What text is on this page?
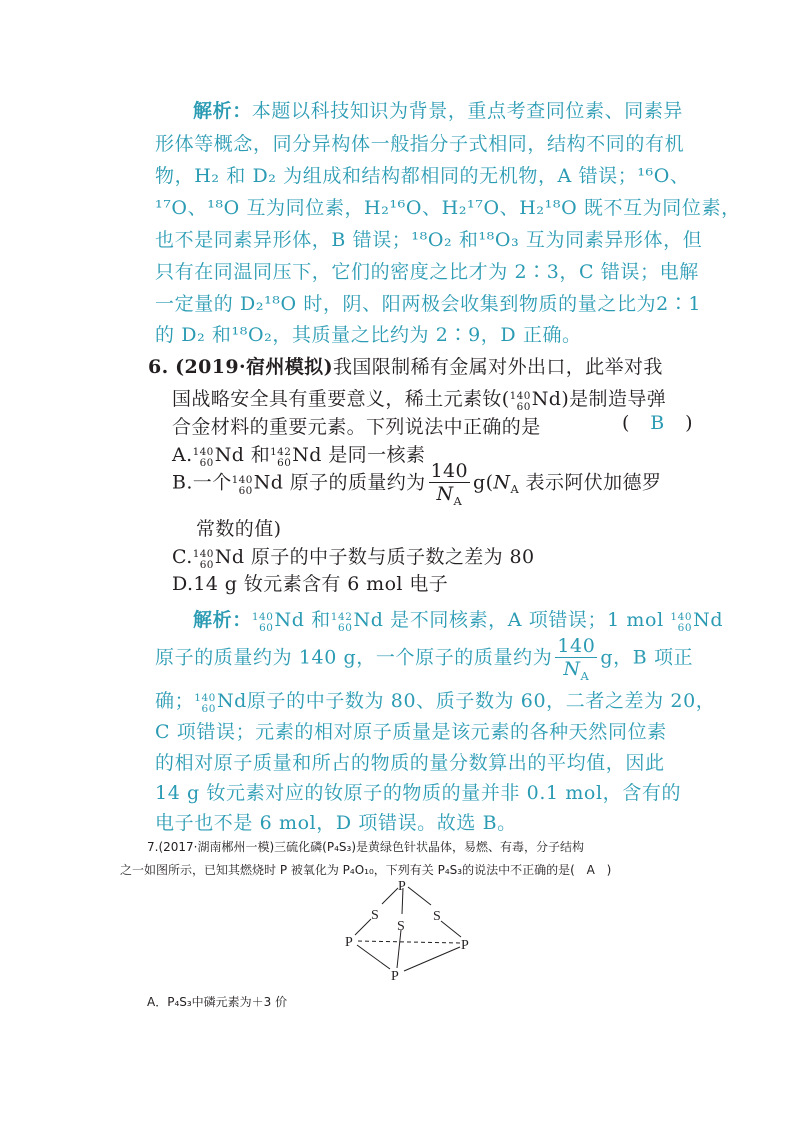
解析：本题以科技知识为背景，重点考查同位素、同素异
形体等概念，同分异构体一般指分子式相同，结构不同的有机
物，H₂ 和 D₂ 为组成和结构都相同的无机物，A 错误；¹⁶O、
¹⁷O、¹⁸O 互为同位素，H₂¹⁶O、H₂¹⁷O、H₂¹⁸O 既不互为同位素，
也不是同素异形体，B 错误；¹⁸O₂ 和¹⁸O₃ 互为同素异形体，但
只有在同温同压下，它们的密度之比才为 2∶3，C 错误；电解
一定量的 D₂¹⁸O 时，阴、阳两极会收集到物质的量之比为2∶1
的 D₂ 和¹⁸O₂，其质量之比约为 2∶9，D 正确。
6. (2019·宿州模拟)我国限制稀有金属对外出口，此举对我
国战略安全具有重要意义，稀土元素钕( 140
60 Nd)是制造导弹
合金材料的重要元素。下列说法中正确的是	( B )
A. 140
60 Nd 和 142
60 Nd 是同一核素
B.一个 140
60 Nd 原子的质量约为 $\frac{140}{N_A} g(N_A$ 表示阿伏加德罗
常数的值)
C. 140
60 Nd 原子的中子数与质子数之差为 80
D.14 g 钕元素含有 6 mol 电子
解析： 140
60 Nd 和 142
60 Nd 是不同核素，A 项错误；1 mol 140
60 Nd
原子的质量约为 140 g，一个原子的质量约为 $\frac{140}{N_A}$ g，B 项正
确； 140
60 Nd原子的中子数为 80、质子数为 60，二者之差为 20，
C 项错误；元素的相对原子质量是该元素的各种天然同位素
的相对原子质量和所占的物质的量分数算出的平均值，因此
14 g 钕元素对应的钕原子的物质的量并非 0.1 mol，含有的
电子也不是 6 mol，D 项错误。故选 B。
7.(2017·湖南郴州一模)三硫化磷(P₄S₃)是黄绿色针状晶体，易燃、有毒，分子结构
之一如图所示，已知其燃烧时 P 被氧化为 P₄O₁₀，下列有关 P₄S₃的说法中不正确的是( A )
P
S
S
S
P	P
P
A．P₄S₃中磷元素为＋3 价
